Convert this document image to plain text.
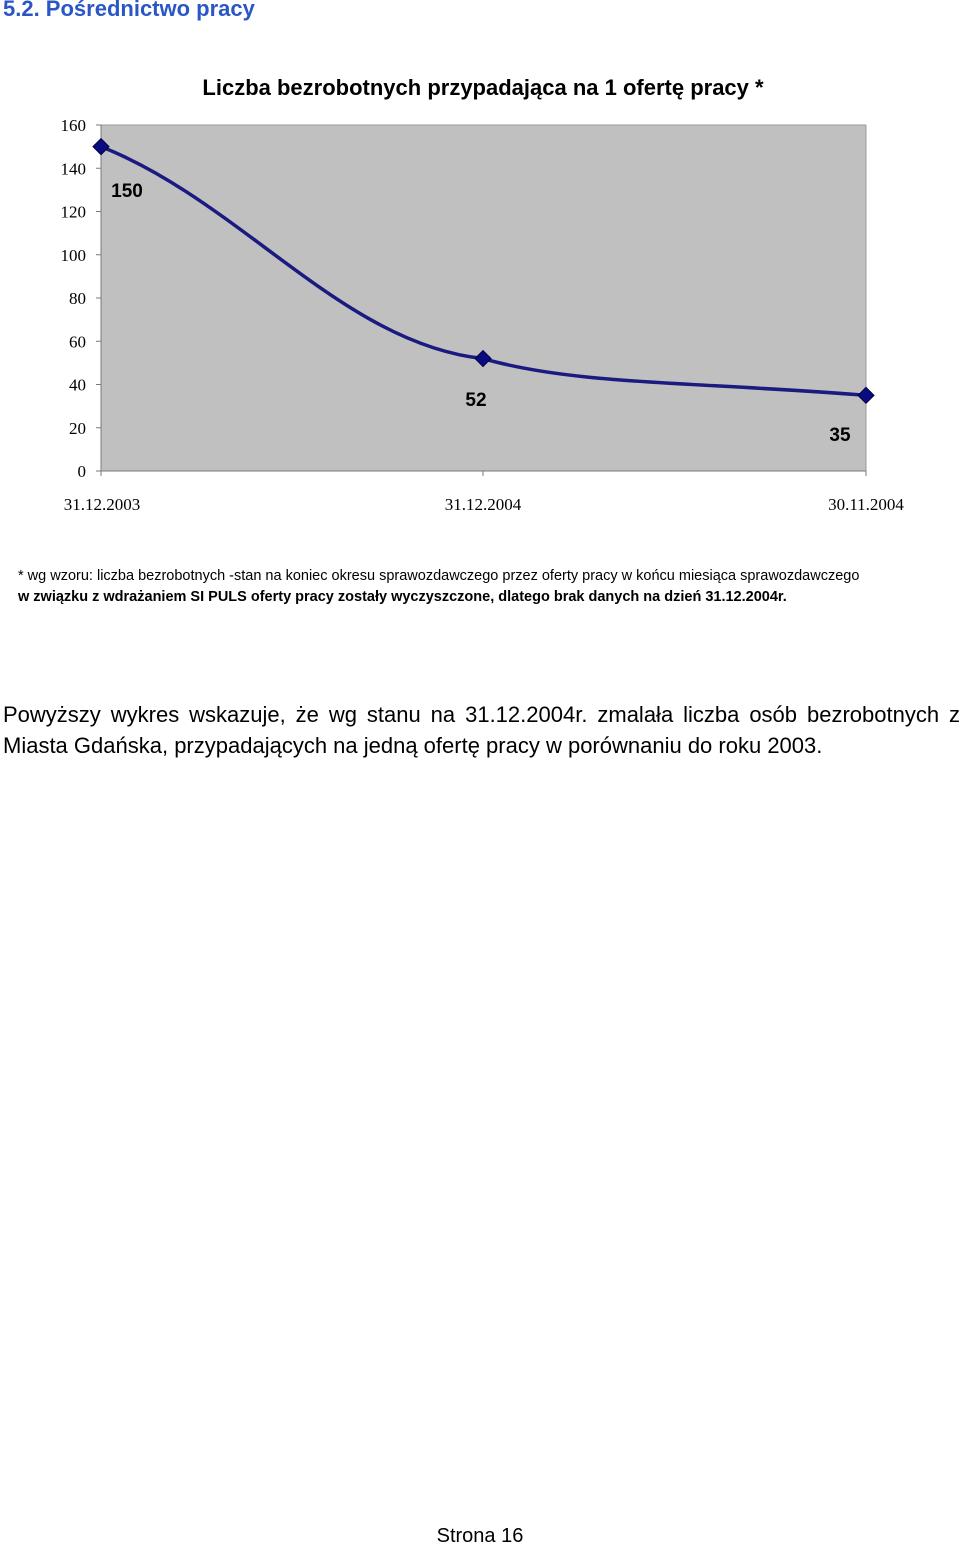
5.2. Pośrednictwo pracy
Liczba bezrobotnych przypadająca na 1 ofertę pracy *
0
20
40
60
80
100
120
140
160
31.12.2003	31.12.2004	30.11.2004
150
52
35

* wg wzoru: liczba bezrobotnych -stan na koniec okresu sprawozdawczego przez oferty pracy w końcu miesiąca sprawozdawczego

w związku z wdrażaniem SI PULS oferty pracy zostały wyczyszczone, dlatego brak danych na dzień 31.12.2004r.

Powyższy wykres wskazuje, że wg stanu na 31.12.2004r. zmalała liczba osób bezrobotnych z Miasta Gdańska, przypadających na jedną ofertę pracy w porównaniu do roku 2003.

Strona 16
